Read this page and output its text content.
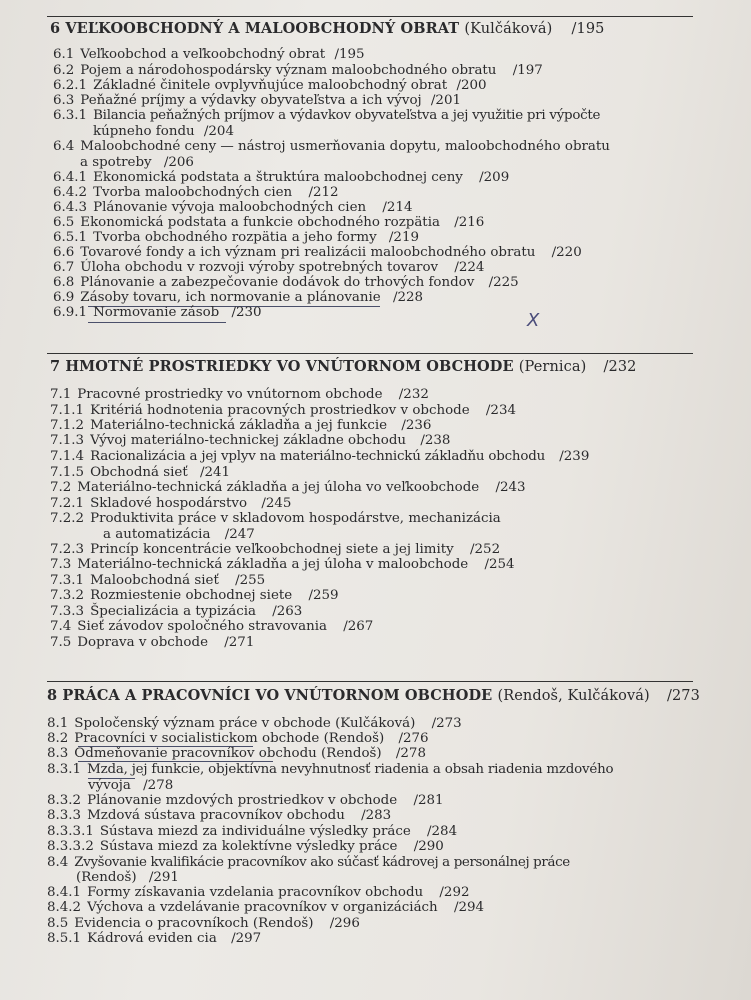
6 VEĽKOOBCHODNÝ A MALOOBCHODNÝ OBRAT (Kulčáková) /195
6.1 Veľkoobchod a veľkoobchodný obrat /195
6.2 Pojem a národohospodársky význam maloobchodného obratu /197
6.2.1 Základné činitele ovplyvňujúce maloobchodný obrat /200
6.3 Peňažné príjmy a výdavky obyvateľstva a ich vývoj /201
6.3.1 Bilancia peňažných príjmov a výdavkov obyvateľstva a jej využitie pri výpočte
kúpneho fondu /204
6.4 Maloobchodné ceny — nástroj usmerňovania dopytu, maloobchodného obratu
a spotreby /206
6.4.1 Ekonomická podstata a štruktúra maloobchodnej ceny /209
6.4.2 Tvorba maloobchodných cien /212
6.4.3 Plánovanie vývoja maloobchodných cien /214
6.5 Ekonomická podstata a funkcie obchodného rozpätia /216
6.5.1 Tvorba obchodného rozpätia a jeho formy /219
6.6 Tovarové fondy a ich význam pri realizácii maloobchodného obratu /220
6.7 Úloha obchodu v rozvoji výroby spotrebných tovarov /224
6.8 Plánovanie a zabezpečovanie dodávok do trhových fondov /225
6.9 Zásoby tovaru, ich normovanie a plánovanie /228
6.9.1 Normovanie zásob /230	X
7 HMOTNÉ PROSTRIEDKY VO VNÚTORNOM OBCHODE (Pernica) /232
7.1 Pracovné prostriedky vo vnútornom obchode /232
7.1.1 Kritériá hodnotenia pracovných prostriedkov v obchode /234
7.1.2 Materiálno-technická základňa a jej funkcie /236
7.1.3 Vývoj materiálno-technickej základne obchodu /238
7.1.4 Racionalizácia a jej vplyv na materiálno-technickú základňu obchodu /239
7.1.5 Obchodná sieť /241
7.2 Materiálno-technická základňa a jej úloha vo veľkoobchode /243
7.2.1 Skladové hospodárstvo /245
7.2.2 Produktivita práce v skladovom hospodárstve, mechanizácia
a automatizácia /247
7.2.3 Princíp koncentrácie veľkoobchodnej siete a jej limity /252
7.3 Materiálno-technická základňa a jej úloha v maloobchode /254
7.3.1 Maloobchodná sieť /255
7.3.2 Rozmiestenie obchodnej siete /259
7.3.3 Špecializácia a typizácia /263
7.4 Sieť závodov spoločného stravovania /267
7.5 Doprava v obchode /271
8 PRÁCA A PRACOVNÍCI VO VNÚTORNOM OBCHODE (Rendoš, Kulčáková) /273
8.1 Spoločenský význam práce v obchode (Kulčáková) /273
8.2 Pracovníci v socialistickom obchode (Rendoš) /276
8.3 Odmeňovanie pracovníkov obchodu (Rendoš) /278
8.3.1 Mzda, jej funkcie, objektívna nevyhnutnosť riadenia a obsah riadenia mzdového
vývoja /278
8.3.2 Plánovanie mzdových prostriedkov v obchode /281
8.3.3 Mzdová sústava pracovníkov obchodu /283
8.3.3.1 Sústava miezd za individuálne výsledky práce /284
8.3.3.2 Sústava miezd za kolektívne výsledky práce /290
8.4 Zvyšovanie kvalifikácie pracovníkov ako súčasť kádrovej a personálnej práce
(Rendoš) /291
8.4.1 Formy získavania vzdelania pracovníkov obchodu /292
8.4.2 Výchova a vzdelávanie pracovníkov v organizáciách /294
8.5 Evidencia o pracovníkoch (Rendoš) /296
8.5.1 Kádrová eviden cia /297
